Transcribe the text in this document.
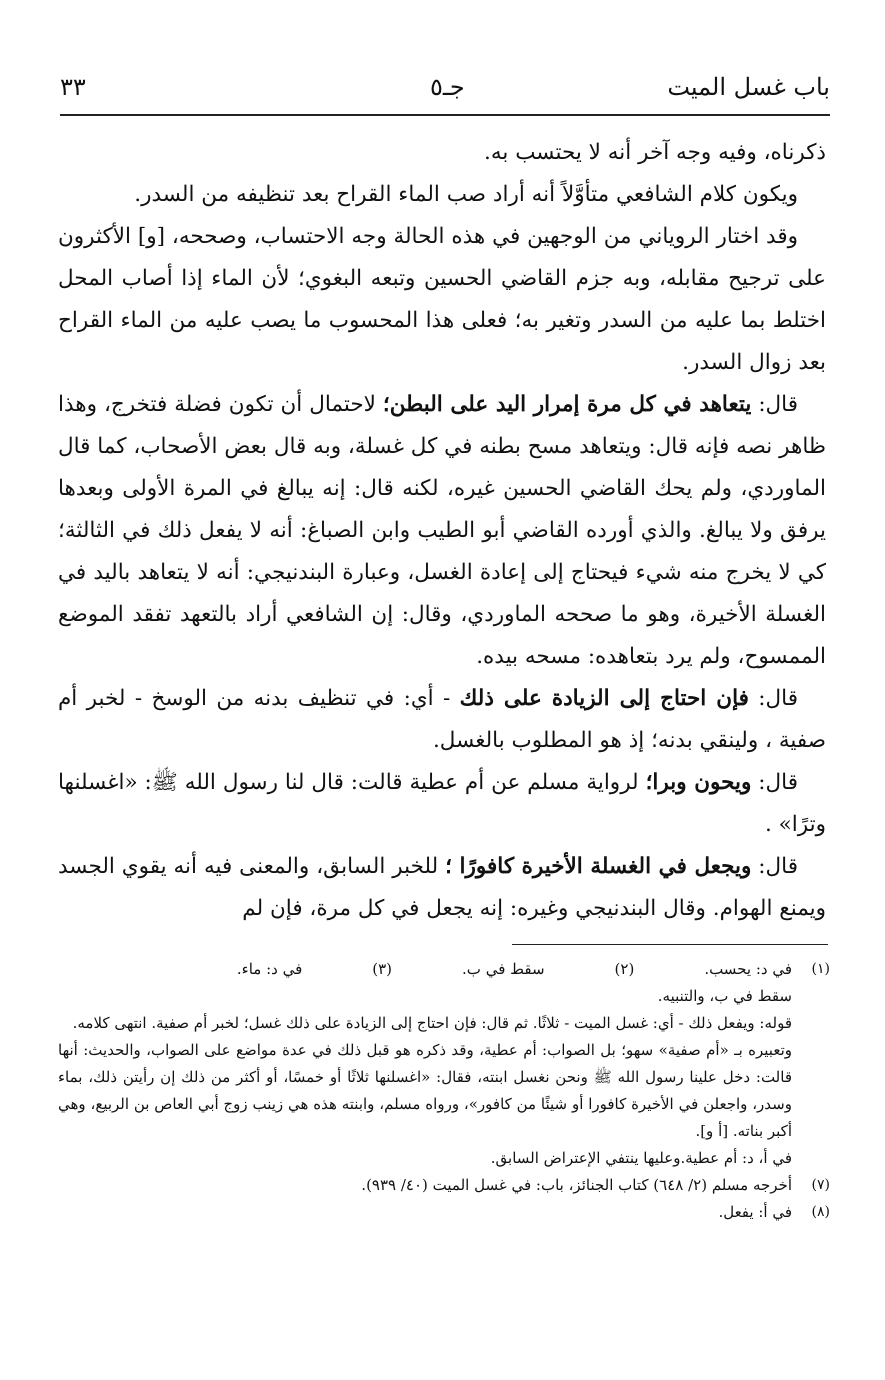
باب غسل الميت
جـ٥
٣٣

ذكرناه، وفيه وجه آخر أنه لا يحتسب به.

ويكون كلام الشافعي متأوَّلاً أنه أراد صب الماء القراح بعد تنظيفه من السدر.

وقد اختار الروياني من الوجهين في هذه الحالة وجه الاحتساب، وصححه، [و] الأكثرون على ترجيح مقابله، وبه جزم القاضي الحسين وتبعه البغوي؛ لأن الماء إذا أصاب المحل اختلط بما عليه من السدر وتغير به؛ فعلى هذا المحسوب ما يصب عليه من الماء القراح بعد زوال السدر.

قال: يتعاهد في كل مرة إمرار اليد على البطن؛ لاحتمال أن تكون فضلة فتخرج، وهذا ظاهر نصه فإنه قال: ويتعاهد مسح بطنه في كل غسلة، وبه قال بعض الأصحاب، كما قال الماوردي، ولم يحك القاضي الحسين غيره، لكنه قال: إنه يبالغ في المرة الأولى وبعدها يرفق ولا يبالغ. والذي أورده القاضي أبو الطيب وابن الصباغ: أنه لا يفعل ذلك في الثالثة؛ كي لا يخرج منه شيء فيحتاج إلى إعادة الغسل، وعبارة البندنيجي: أنه لا يتعاهد باليد في الغسلة الأخيرة، وهو ما صححه الماوردي، وقال: إن الشافعي أراد بالتعهد تفقد الموضع الممسوح، ولم يرد بتعاهده: مسحه بيده.

قال: فإن احتاج إلى الزيادة على ذلك - أي: في تنظيف بدنه من الوسخ - لخبر أم صفية ، ولينقي بدنه؛ إذ هو المطلوب بالغسل.

قال: ويحون وبرا؛ لرواية مسلم عن أم عطية قالت: قال لنا رسول الله ﷺ: «اغسلنها وترًا» .

قال: ويجعل في الغسلة الأخيرة كافورًا ؛ للخبر السابق، والمعنى فيه أنه يقوي الجسد ويمنع الهوام. وقال البندنيجي وغيره: إنه يجعل في كل مرة، فإن لم

(١)
في د: يحسب.
(٢)
سقط في ب.
(٣)
في د: ماء.

سقط في ب، والتنبيه.

قوله: ويفعل ذلك - أي: غسل الميت - ثلاثًا. ثم قال: فإن احتاج إلى الزيادة على ذلك غسل؛ لخبر أم صفية. انتهى كلامه.

وتعبيره بـ «أم صفية» سهو؛ بل الصواب: أم عطية، وقد ذكره هو قبل ذلك في عدة مواضع على الصواب، والحديث: أنها قالت: دخل علينا رسول الله ﷺ ونحن نغسل ابنته، فقال: «اغسلنها ثلاثًا أو خمسًا، أو أكثر من ذلك إن رأيتن ذلك، بماء وسدر، واجعلن في الأخيرة كافورا أو شيئًا من كافور»، ورواه مسلم، وابنته هذه هي زينب زوج أبي العاص بن الربيع، وهي أكبر بناته. [أ و].

في أ، د: أم عطية.وعليها ينتفي الإعتراض السابق.

(٧)
أخرجه مسلم (٢/ ٦٤٨) كتاب الجنائز، باب: في غسل الميت (٤٠/ ٩٣٩).

(٨)
في أ: يفعل.
